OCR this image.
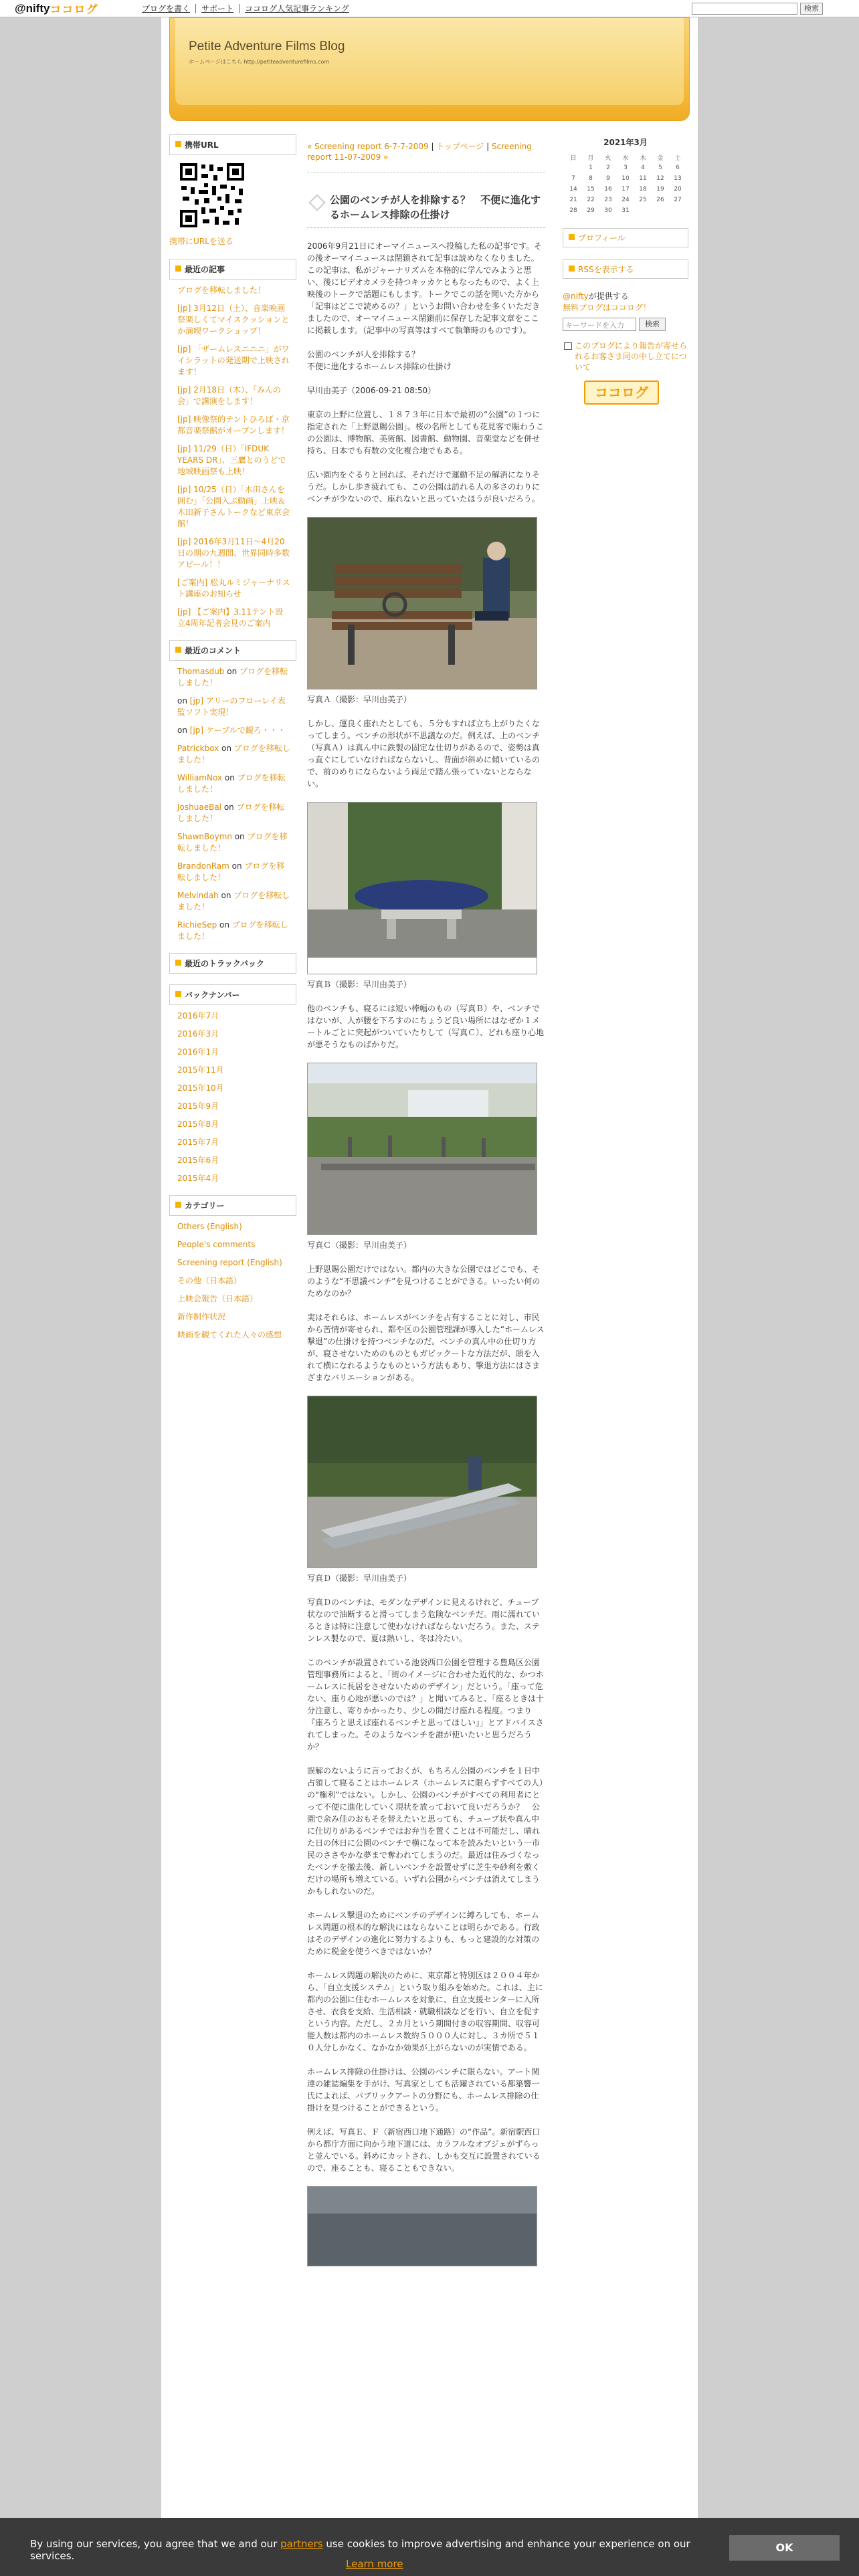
@nifty ココログ	ブログを書く	サポート	ココログ人気記事ランキング	検索
Petite Adventure Films Blog
ホームページはこちら http://petiteadventurefilms.com
携帯URL
携帯にURLを送る
最近の記事
ブログを移転しました！
[jp] 3月12日（土）、音楽映画祭楽しくてマイスクッションとか満喫ワークショップ！
[jp] 「ザームレスニニニ」がワイシラットの発送期で上映されます！
[jp] 2月18日（木）、「みんの会」で講演をします！
[jp] 映像祭的テントひろば・京都音楽祭館がオープンします！
[jp] 11/29（日）「IFDUK YEARS DR」、三鷹とのうどで地域映画祭も上映！
[jp] 10/25（日）「木田さんを囲む」「公園入ぶ動画」上映＆木田新子さんトークなど東京会館！
[jp] 2016年3月11日〜4月20日の期の九週間、世界同時多数アピール！！
[ご案内] 松丸ルミジャーナリスト講座のお知らせ
[jp] 【ご案内】3.11テント設立4周年記者会見のご案内
最近のコメント
Thomasdub on ブログを移転しました！
on [jp] アリーのフローレイ表監ソフト実現！
on [jp] ケーブルで観ろ・・・
Patrickbox on ブログを移転しました！
WilliamNox on ブログを移転しました！
JoshuaeBal on ブログを移転しました！
ShawnBoymn on ブログを移転しました！
BrandonRam on ブログを移転しました！
Melvindah on ブログを移転しました！
RichieSep on ブログを移転しました！
最近のトラックバック
バックナンバー
2016年7月
2016年3月
2016年1月
2015年11月
2015年10月
2015年9月
2015年8月
2015年7月
2015年6月
2015年4月
カテゴリー
Others (English)
People's comments
Screening report (English)
その他（日本語）
上映会報告（日本語）
新作制作状況
映画を観てくれた人々の感想
« Screening report 6-7-7-2009 | トップページ | Screening report 11-07-2009 »
公園のベンチが人を排除する？　不便に進化するホームレス排除の仕掛け

2006年9月21日にオーマイニュースへ投稿した私の記事です。その後オーマイニュースは閉鎖されて記事は読めなくなりました。この記事は、私がジャーナリズムを本格的に学んでみようと思い、後にビデオカメラを持つキッカケともなったもので、よく上映後のトークで話題にもします。トークでこの話を聞いた方から「記事はどこで読めるの？」というお問い合わせを多くいただきましたので、オーマイニュース閉鎖前に保存した記事文章をここに掲載します。（記事中の写真等はすべて執筆時のものです）。

公園のベンチが人を排除する？
不便に進化するホームレス排除の仕掛け

早川由美子（2006-09-21 08:50）

東京の上野に位置し、１８７３年に日本で最初の“公園”の１つに指定された「上野恩賜公園」。桜の名所としても花見客で賑わうこの公園は、博物館、美術館、図書館、動物園、音楽堂などを併せ持ち、日本でも有数の文化複合地でもある。

広い園内をぐるりと回れば、それだけで運動不足の解消になりそうだ。しかし歩き疲れても、この公園は訪れる人の多さのわりにベンチが少ないので、座れないと思っていたほうが良いだろう。

写真Ａ（撮影：早川由美子）

しかし、運良く座れたとしても、５分もすれば立ち上がりたくなってしまう。ベンチの形状が不思議なのだ。例えば、上のベンチ（写真Ａ）は真ん中に鉄製の固定な仕切りがあるので、姿勢は真っ直ぐにしていなければならないし、背面が斜めに傾いているので、前のめりにならないよう両足で踏ん張っていないとならない。

写真Ｂ（撮影：早川由美子）

他のベンチも、寝るには短い棒幅のもの（写真Ｂ）や、ベンチではないが、人が腰を下ろすのにちょうど良い場所にはなぜか１メートルごとに突起がついていたりして（写真Ｃ）、どれも座り心地が悪そうなものばかりだ。

写真Ｃ（撮影：早川由美子）

上野恩賜公園だけではない。都内の大きな公園ではどこでも、そのような“不思議ベンチ”を見つけることができる。いったい何のためなのか？

実はそれらは、ホームレスがベンチを占有することに対し、市民から苦情が寄せられ、都や区の公園管理課が導入した“ホームレス撃退”の仕掛けを持つベンチなのだ。ベンチの真ん中の仕切り方が、寝させないためのものともガビックートな方法だが、頭を入れて横になれるようなものという方法もあり、撃退方法にはさまざまなバリエーションがある。

写真Ｄ（撮影：早川由美子）

写真Ｄのベンチは、モダンなデザインに見えるけれど、チューブ状なので油断すると滑ってしまう危険なベンチだ。雨に濡れているときは特に注意して使わなければならないだろう。また、ステンレス製なので、夏は熱いし、冬は冷たい。

このベンチが設置されている池袋西口公園を管理する豊島区公園管理事務所によると、「街のイメージに合わせた近代的な、かつホームレスに長居をさせないためのデザイン」だという。「座って危ない、座り心地が悪いのでは？」と聞いてみると、「座るときは十分注意し、寄りかかったり、少しの間だけ座れる程度。つまり『座ろうと思えば座れるベンチと思ってほしい』」とアドバイスされてしまった。そのようなベンチを誰が使いたいと思うだろうか？

誤解のないように言っておくが、もちろん公園のベンチを１日中占領して寝ることはホームレス（ホームレスに限らずすべての人）の“権利”ではない。しかし、公園のベンチがすべての利用者にとって不便に進化していく現状を放っておいて良いだろうか？　公園で余み佳のおもそを替えたいと思っても、チューブ状や真ん中に仕切りがあるベンチではお弁当を置くことは不可能だし、晴れた日の休日に公園のベンチで横になって本を読みたいという一市民のささやかな夢まで奪われてしまうのだ。最近は住みづくなったベンチを撤去後、新しいベンチを設置せずに芝生や砂利を敷くだけの場所も増えている。いずれ公園からベンチは消えてしまうかもしれないのだ。

ホームレス撃退のためにベンチのデザインに縛ろしても、ホームレス問題の根本的な解決にはならないことは明らかである。行政はそのデザインの進化に努力するよりも、もっと建設的な対策のために税金を使うべきではないか？

ホームレス問題の解決のために、東京都と特別区は２００４年から、「自立支援システム」という取り組みを始めた。これは、主に都内の公園に住むホームレスを対象に、自立支援センターに入所させ、衣食を支給、生活相談・就職相談などを行い、自立を促すという内容。ただし、２カ月という期間付きの収容期間、収容可能人数は都内のホームレス数約５０００人に対し、３カ所で５１０人分しかなく、なかなか効果が上がらないのが実情である。

ホームレス排除の仕掛けは、公園のベンチに限らない。アート関連の雑誌編集を手がけ、写真家としても活躍されている都築響一氏によれば、パブリックアートの分野にも、ホームレス排除の仕掛けを見つけることができるという。

例えば、写真Ｅ、Ｆ（新宿西口地下通路）の“作品”。新宿駅西口から都庁方面に向かう地下道には、カラフルなオブジェがずらっと並んでいる。斜めにカットされ、しかも交互に設置されているので、座ることも、寝ることもできない。

2021年3月
日	月	火	水	木	金	土
	1	2	3	4	5	6
7	8	9	10	11	12	13
14	15	16	17	18	19	20
21	22	23	24	25	26	27
28	29	30	31			
プロフィール
RSSを表示する
@niftyが提供する
無料ブログはココログ！
キーワードを入力	検索
このブログにより報告が寄せられるお客さま同の中し立てについて
ココログ
By using our services, you agree that we and our partners use cookies to improve advertising and enhance your experience on our services.
Learn more
OK
